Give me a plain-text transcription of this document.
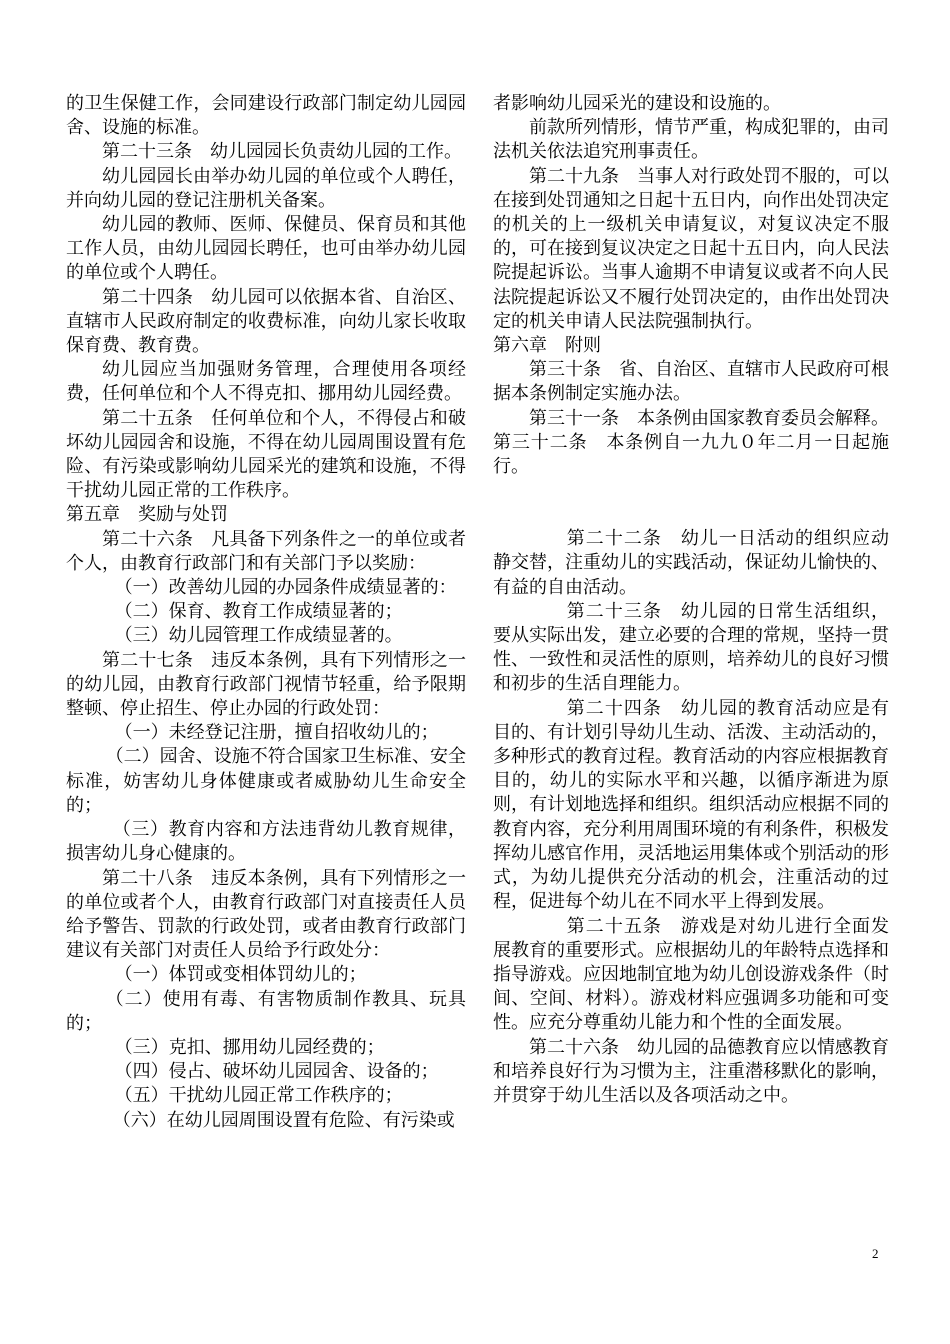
的卫生保健工作，会同建设行政部门制定幼儿园园舍、设施的标准。

第二十三条　幼儿园园长负责幼儿园的工作。

幼儿园园长由举办幼儿园的单位或个人聘任，并向幼儿园的登记注册机关备案。

幼儿园的教师、医师、保健员、保育员和其他工作人员，由幼儿园园长聘任，也可由举办幼儿园的单位或个人聘任。

第二十四条　幼儿园可以依据本省、自治区、直辖市人民政府制定的收费标准，向幼儿家长收取保育费、教育费。

幼儿园应当加强财务管理，合理使用各项经费，任何单位和个人不得克扣、挪用幼儿园经费。

第二十五条　任何单位和个人，不得侵占和破坏幼儿园园舍和设施，不得在幼儿园周围设置有危险、有污染或影响幼儿园采光的建筑和设施，不得干扰幼儿园正常的工作秩序。

第五章　奖励与处罚

第二十六条　凡具备下列条件之一的单位或者个人，由教育行政部门和有关部门予以奖励：

（一）改善幼儿园的办园条件成绩显著的：

（二）保育、教育工作成绩显著的；

（三）幼儿园管理工作成绩显著的。

第二十七条　违反本条例，具有下列情形之一的幼儿园，由教育行政部门视情节轻重，给予限期整顿、停止招生、停止办园的行政处罚：

（一）未经登记注册，擅自招收幼儿的；

（二）园舍、设施不符合国家卫生标准、安全标准，妨害幼儿身体健康或者威胁幼儿生命安全的；

（三）教育内容和方法违背幼儿教育规律，损害幼儿身心健康的。

第二十八条　违反本条例，具有下列情形之一的单位或者个人，由教育行政部门对直接责任人员给予警告、罚款的行政处罚，或者由教育行政部门建议有关部门对责任人员给予行政处分：

（一）体罚或变相体罚幼儿的；

（二）使用有毒、有害物质制作教具、玩具的；

（三）克扣、挪用幼儿园经费的；

（四）侵占、破坏幼儿园园舍、设备的；

（五）干扰幼儿园正常工作秩序的；

（六）在幼儿园周围设置有危险、有污染或

者影响幼儿园采光的建设和设施的。

前款所列情形，情节严重，构成犯罪的，由司法机关依法追究刑事责任。

第二十九条　当事人对行政处罚不服的，可以在接到处罚通知之日起十五日内，向作出处罚决定的机关的上一级机关申请复议，对复议决定不服的，可在接到复议决定之日起十五日内，向人民法院提起诉讼。当事人逾期不申请复议或者不向人民法院提起诉讼又不履行处罚决定的，由作出处罚决定的机关申请人民法院强制执行。

第六章　附则

第三十条　省、自治区、直辖市人民政府可根据本条例制定实施办法。

第三十一条　本条例由国家教育委员会解释。

第三十二条　本条例自一九九０年二月一日起施行。

第二十二条　幼儿一日活动的组织应动静交替，注重幼儿的实践活动，保证幼儿愉快的、有益的自由活动。

第二十三条　幼儿园的日常生活组织，要从实际出发，建立必要的合理的常规，坚持一贯性、一致性和灵活性的原则，培养幼儿的良好习惯和初步的生活自理能力。

第二十四条　幼儿园的教育活动应是有目的、有计划引导幼儿生动、活泼、主动活动的，多种形式的教育过程。教育活动的内容应根据教育目的，幼儿的实际水平和兴趣，以循序渐进为原则，有计划地选择和组织。组织活动应根据不同的教育内容，充分利用周围环境的有利条件，积极发挥幼儿感官作用，灵活地运用集体或个别活动的形式，为幼儿提供充分活动的机会，注重活动的过程，促进每个幼儿在不同水平上得到发展。

第二十五条　游戏是对幼儿进行全面发展教育的重要形式。应根据幼儿的年龄特点选择和指导游戏。应因地制宜地为幼儿创设游戏条件（时间、空间、材料）。游戏材料应强调多功能和可变性。应充分尊重幼儿能力和个性的全面发展。

第二十六条　幼儿园的品德教育应以情感教育和培养良好行为习惯为主，注重潜移默化的影响，并贯穿于幼儿生活以及各项活动之中。

2
